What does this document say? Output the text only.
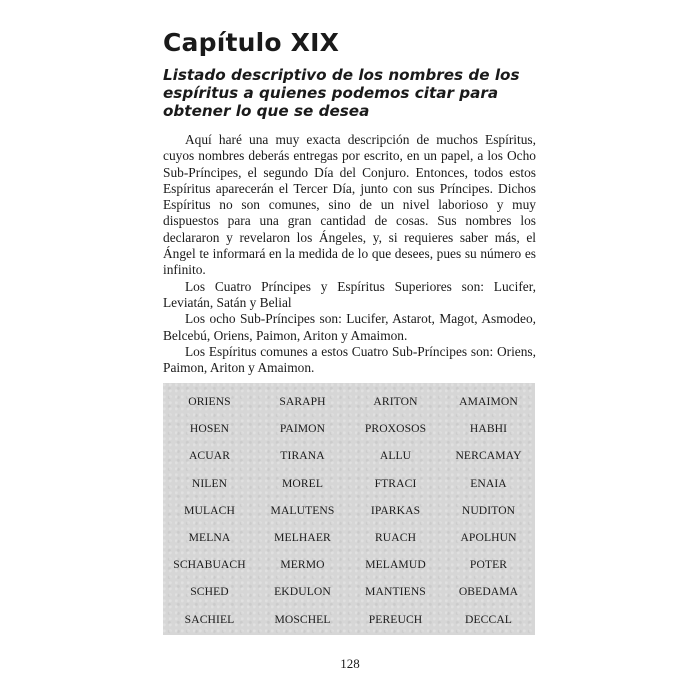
Capítulo XIX
Listado descriptivo de los nombres de los espíritus a quienes podemos citar para obtener lo que se desea

Aquí haré una muy exacta descripción de muchos Espíritus, cuyos nombres deberás entregas por escrito, en un papel, a los Ocho Sub-Príncipes, el segundo Día del Conjuro. Entonces, todos estos Espíritus aparecerán el Tercer Día, junto con sus Príncipes. Dichos Espíritus no son comunes, sino de un nivel laborioso y muy dispuestos para una gran cantidad de cosas. Sus nombres los declararon y revelaron los Ángeles, y, si requieres saber más, el Ángel te informará en la medida de lo que desees, pues su número es infinito.

Los Cuatro Príncipes y Espíritus Superiores son: Lucifer, Leviatán, Satán y Belial

Los ocho Sub-Príncipes son: Lucifer, Astarot, Magot, Asmodeo, Belcebú, Oriens, Paimon, Ariton y Amaimon.

Los Espíritus comunes a estos Cuatro Sub-Príncipes son: Oriens, Paimon, Ariton y Amaimon.

ORIENS	SARAPH	ARITON	AMAIMON
HOSEN	PAIMON	PROXOSOS	HABHI
ACUAR	TIRANA	ALLU	NERCAMAY
NILEN	MOREL	FTRACI	ENAIA
MULACH	MALUTENS	IPARKAS	NUDITON
MELNA	MELHAER	RUACH	APOLHUN
SCHABUACH	MERMO	MELAMUD	POTER
SCHED	EKDULON	MANTIENS	OBEDAMA
SACHIEL	MOSCHEL	PEREUCH	DECCAL
128
